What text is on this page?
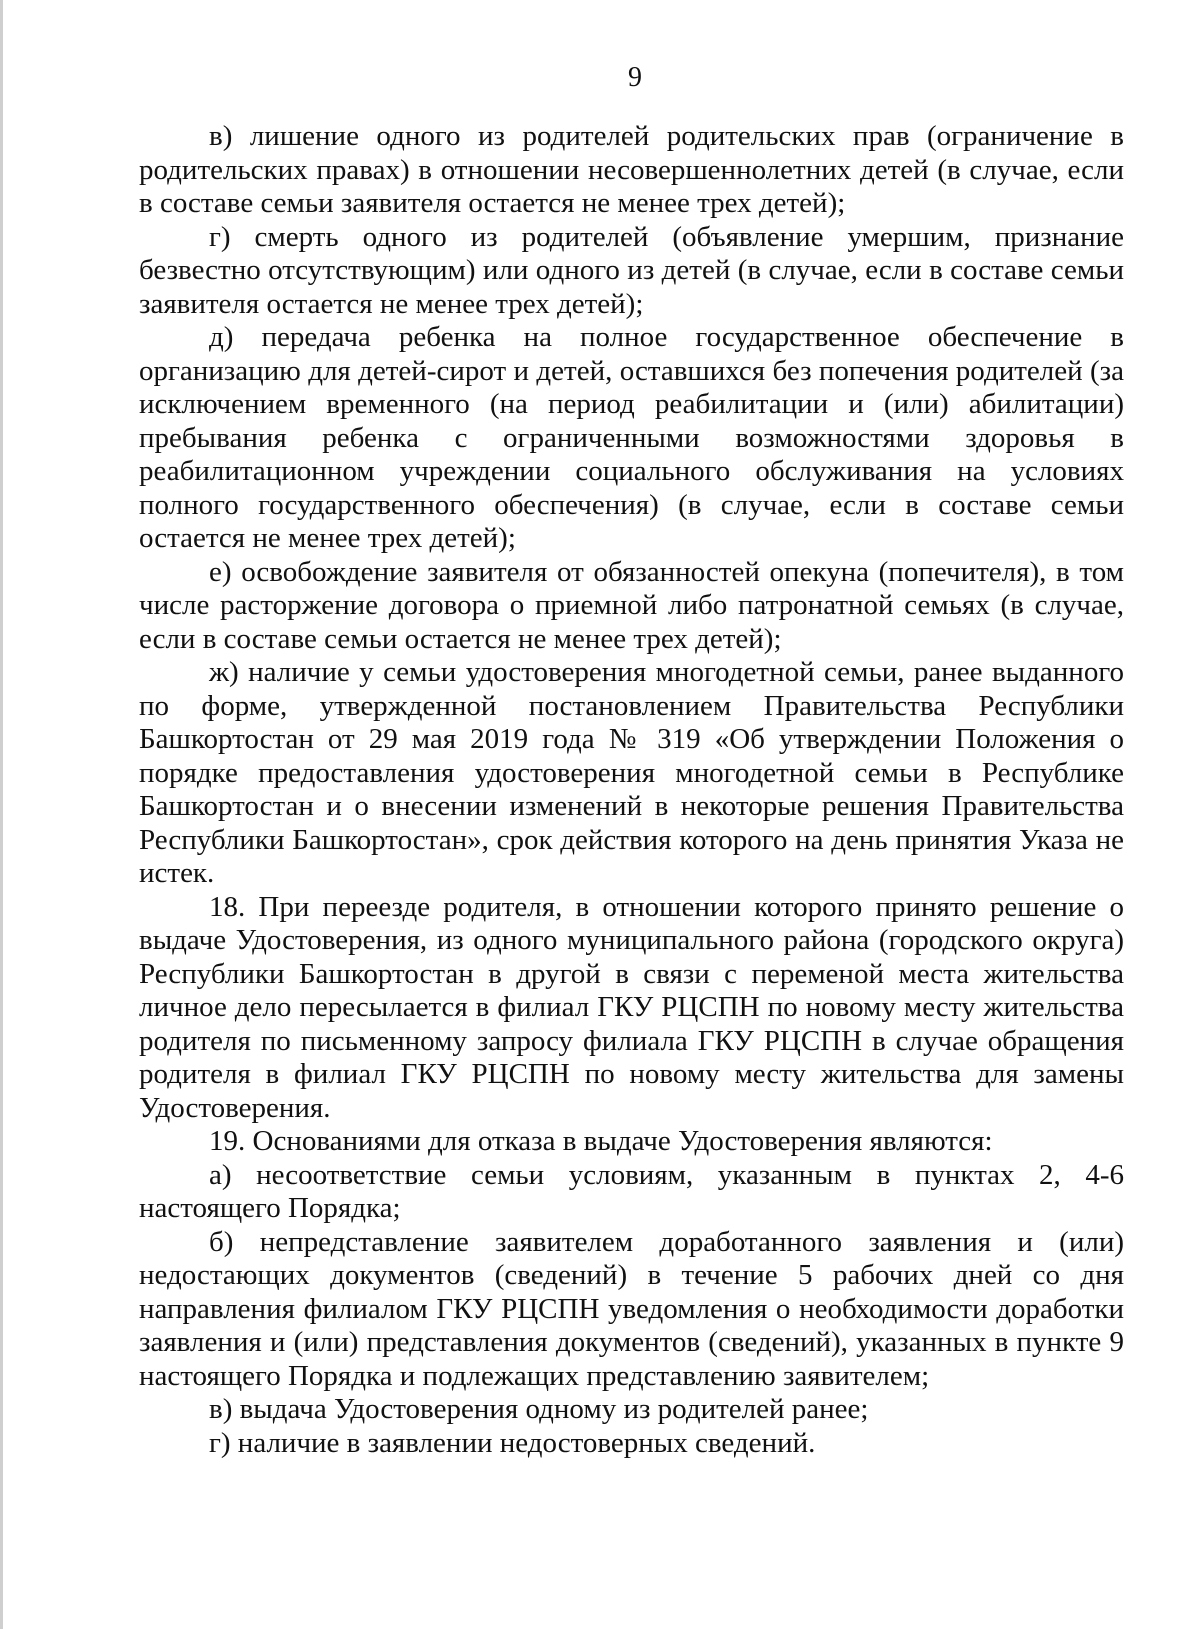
9

в) лишение одного из родителей родительских прав (ограничение в родительских правах) в отношении несовершеннолетних детей (в случае, если в составе семьи заявителя остается не менее трех детей);

г) смерть одного из родителей (объявление умершим, признание безвестно отсутствующим) или одного из детей (в случае, если в составе семьи заявителя остается не менее трех детей);

д) передача ребенка на полное государственное обеспечение в организацию для детей-сирот и детей, оставшихся без попечения родителей (за исключением временного (на период реабилитации и (или) абилитации) пребывания ребенка с ограниченными возможностями здоровья в реабилитационном учреждении социального обслуживания на условиях полного государственного обеспечения) (в случае, если в составе семьи остается не менее трех детей);

е) освобождение заявителя от обязанностей опекуна (попечителя), в том числе расторжение договора о приемной либо патронатной семьях (в случае, если в составе семьи остается не менее трех детей);

ж) наличие у семьи удостоверения многодетной семьи, ранее выданного по форме, утвержденной постановлением Правительства Республики Башкортостан от 29 мая 2019 года № 319 «Об утверждении Положения о порядке предоставления удостоверения многодетной семьи в Республике Башкортостан и о внесении изменений в некоторые решения Правительства Республики Башкортостан», срок действия которого на день принятия Указа не истек.

18. При переезде родителя, в отношении которого принято решение о выдаче Удостоверения, из одного муниципального района (городского округа) Республики Башкортостан в другой в связи с переменой места жительства личное дело пересылается в филиал ГКУ РЦСПН по новому месту жительства родителя по письменному запросу филиала ГКУ РЦСПН в случае обращения родителя в филиал ГКУ РЦСПН по новому месту жительства для замены Удостоверения.

19. Основаниями для отказа в выдаче Удостоверения являются:

а) несоответствие семьи условиям, указанным в пунктах 2, 4-6 настоящего Порядка;

б) непредставление заявителем доработанного заявления и (или) недостающих документов (сведений) в течение 5 рабочих дней со дня направления филиалом ГКУ РЦСПН уведомления о необходимости доработки заявления и (или) представления документов (сведений), указанных в пункте 9 настоящего Порядка и подлежащих представлению заявителем;

в) выдача Удостоверения одному из родителей ранее;

г) наличие в заявлении недостоверных сведений.
